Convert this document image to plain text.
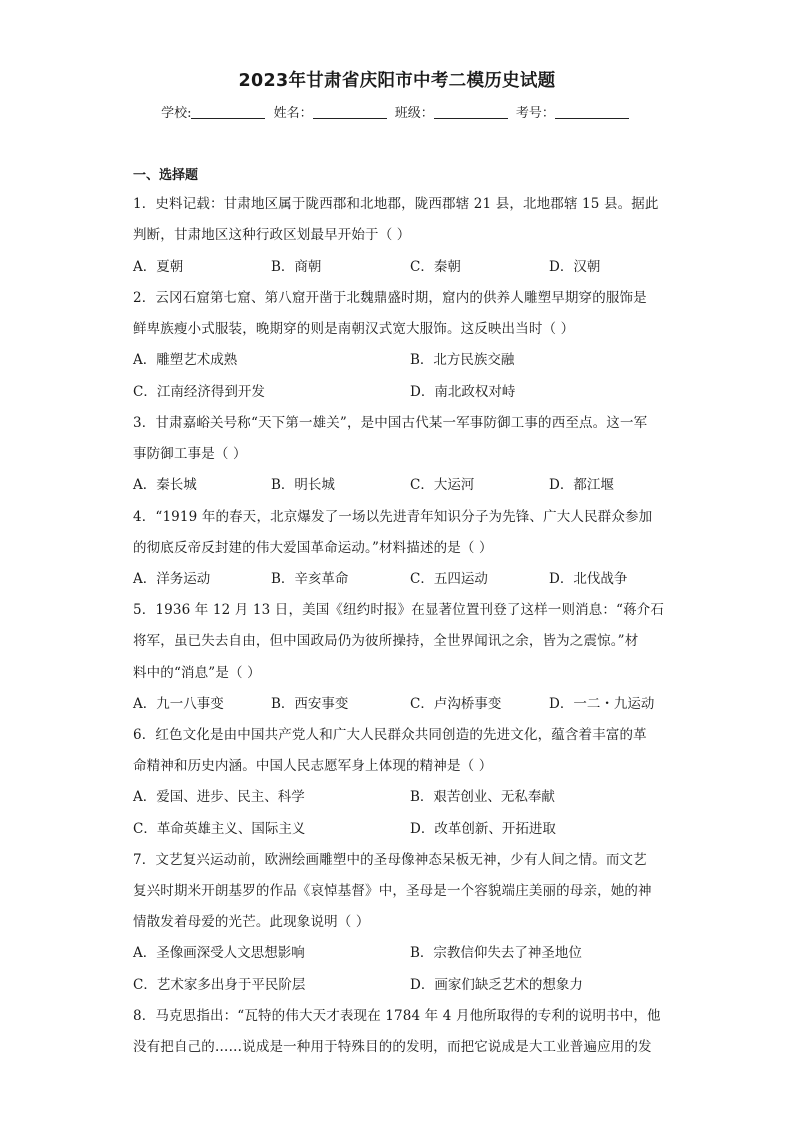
2023年甘肃省庆阳市中考二模历史试题
学校:	姓名：	班级：	考号：
一、选择题
1．史料记载：甘肃地区属于陇西郡和北地郡，陇西郡辖 21 县，北地郡辖 15 县。据此
判断，甘肃地区这种行政区划最早开始于（ ）
A．夏朝	B．商朝	C．秦朝	D．汉朝
2．云冈石窟第七窟、第八窟开凿于北魏鼎盛时期，窟内的供养人雕塑早期穿的服饰是
鲜卑族瘦小式服装，晚期穿的则是南朝汉式宽大服饰。这反映出当时（ ）
A．雕塑艺术成熟	B．北方民族交融
C．江南经济得到开发	D．南北政权对峙
3．甘肃嘉峪关号称“天下第一雄关”，是中国古代某一军事防御工事的西至点。这一军
事防御工事是（ ）
A．秦长城	B．明长城	C．大运河	D．都江堰
4．“1919 年的春天，北京爆发了一场以先进青年知识分子为先锋、广大人民群众参加
的彻底反帝反封建的伟大爱国革命运动。”材料描述的是（ ）
A．洋务运动	B．辛亥革命	C．五四运动	D．北伐战争
5．1936 年 12 月 13 日，美国《纽约时报》在显著位置刊登了这样一则消息：“蒋介石
将军，虽已失去自由，但中国政局仍为彼所操持，全世界闻讯之余，皆为之震惊。”材
料中的“消息”是（ ）
A．九一八事变	B．西安事变	C．卢沟桥事变	D．一二・九运动
6．红色文化是由中国共产党人和广大人民群众共同创造的先进文化，蕴含着丰富的革
命精神和历史内涵。中国人民志愿军身上体现的精神是（ ）
A．爱国、进步、民主、科学	B．艰苦创业、无私奉献
C．革命英雄主义、国际主义	D．改革创新、开拓进取
7．文艺复兴运动前，欧洲绘画雕塑中的圣母像神态呆板无神，少有人间之情。而文艺
复兴时期米开朗基罗的作品《哀悼基督》中，圣母是一个容貌端庄美丽的母亲，她的神
情散发着母爱的光芒。此现象说明（ ）
A．圣像画深受人文思想影响	B．宗教信仰失去了神圣地位
C．艺术家多出身于平民阶层	D．画家们缺乏艺术的想象力
8．马克思指出：“瓦特的伟大天才表现在 1784 年 4 月他所取得的专利的说明书中，他
没有把自己的……说成是一种用于特殊目的的发明，而把它说成是大工业普遍应用的发
